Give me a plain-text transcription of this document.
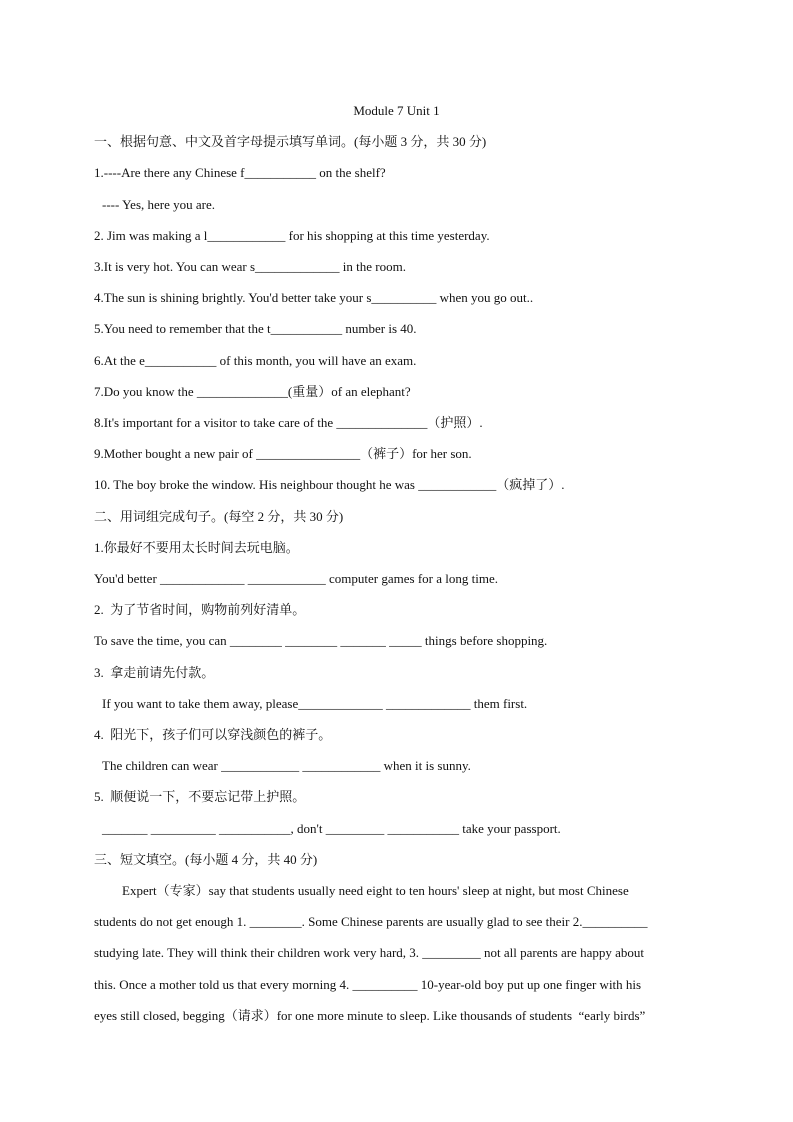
Module 7 Unit 1
一、根据句意、中文及首字母提示填写单词。(每小题 3 分，共 30 分)
1.----Are there any Chinese f___________ on the shelf?
---- Yes, here you are.
2. Jim was making a l____________ for his shopping at this time yesterday.
3.It is very hot. You can wear s_____________ in the room.
4.The sun is shining brightly. You'd better take your s__________ when you go out..
5.You need to remember that the t___________ number is 40.
6.At the e___________ of this month, you will have an exam.
7.Do you know the ______________(重量）of an elephant?
8.It's important for a visitor to take care of the ______________（护照）.
9.Mother bought a new pair of ________________（裤子）for her son.
10. The boy broke the window. His neighbour thought he was ____________（疯掉了）.
二、用词组完成句子。(每空 2 分，共 30 分)
1.你最好不要用太长时间去玩电脑。
You'd better _____________ ____________ computer games for a long time.
2.  为了节省时间，购物前列好清单。
To save the time, you can ________ ________ _______ _____ things before shopping.
3.  拿走前请先付款。
If you want to take them away, please_____________ _____________ them first.
4.  阳光下，孩子们可以穿浅颜色的裤子。
The children can wear ____________ ____________ when it is sunny.
5.  顺便说一下，不要忘记带上护照。
_______ __________ ___________, don't _________ ___________ take your passport.
三、短文填空。(每小题 4 分，共 40 分)
Expert（专家）say that students usually need eight to ten hours' sleep at night, but most Chinese
students do not get enough 1. ________. Some Chinese parents are usually glad to see their 2.__________
studying late. They will think their children work very hard, 3. _________ not all parents are happy about
this. Once a mother told us that every morning 4. __________ 10-year-old boy put up one finger with his
eyes still closed, begging（请求）for one more minute to sleep. Like thousands of students  “early birds”
